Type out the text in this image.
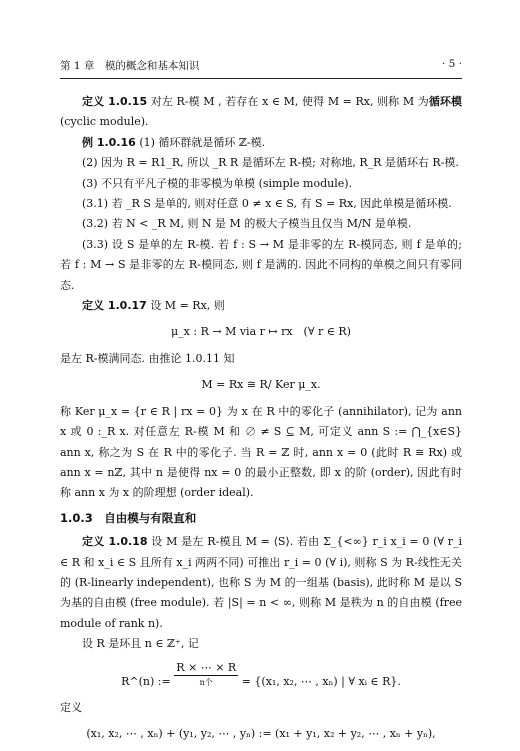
第 1 章　模的概念和基本知识	· 5 ·

定义 1.0.15 对左 R-模 M , 若存在 x ∈ M, 使得 M = Rx, 则称 M 为循环模 (cyclic module).

例 1.0.16 (1) 循环群就是循环 ℤ-模.

(2) 因为 R = R1_R, 所以 _R R 是循环左 R-模; 对称地, R_R 是循环右 R-模.

(3) 不只有平凡子模的非零模为单模 (simple module).

(3.1) 若 _R S 是单的, 则对任意 0 ≠ x ∈ S, 有 S = Rx, 因此单模是循环模.

(3.2) 若 N < _R M, 则 N 是 M 的极大子模当且仅当 M/N 是单模.

(3.3) 设 S 是单的左 R-模. 若 f : S → M 是非零的左 R-模同态, 则 f 是单的; 若 f : M → S 是非零的左 R-模同态, 则 f 是满的. 因此不同构的单模之间只有零同态.

定义 1.0.17 设 M = Rx, 则

μ_x : R → M via r ↦ rx　(∀ r ∈ R)

是左 R-模满同态. 由推论 1.0.11 知

M = Rx ≅ R/ Ker μ_x.

称 Ker μ_x = {r ∈ R | rx = 0} 为 x 在 R 中的零化子 (annihilator), 记为 ann x 或 0 :_R x. 对任意左 R-模 M 和 ∅ ≠ S ⊆ M, 可定义 ann S := ⋂_{x∈S} ann x, 称之为 S 在 R 中的零化子. 当 R = ℤ 时, ann x = 0 (此时 R ≅ Rx) 或 ann x = nℤ, 其中 n 是使得 nx = 0 的最小正整数, 即 x 的阶 (order), 因此有时称 ann x 为 x 的阶理想 (order ideal).

1.0.3　自由模与有限直和

定义 1.0.18 设 M 是左 R-模且 M = ⟨S⟩. 若由 Σ_{<∞} r_i x_i = 0 (∀ r_i ∈ R 和 x_i ∈ S 且所有 x_i 两两不同) 可推出 r_i = 0 (∀ i), 则称 S 为 R-线性无关的 (R-linearly independent), 也称 S 为 M 的一组基 (basis), 此时称 M 是以 S 为基的自由模 (free module). 若 |S| = n < ∞, 则称 M 是秩为 n 的自由模 (free module of rank n).

设 R 是环且 n ∈ ℤ⁺, 记

R^(n) :=
R × ⋯ × R
n个	= {(x₁, x₂, ⋯ , xₙ) | ∀ xᵢ ∈ R}.

定义

(x₁, x₂, ⋯ , xₙ) + (y₁, y₂, ⋯ , yₙ) := (x₁ + y₁, x₂ + y₂, ⋯ , xₙ + yₙ),
